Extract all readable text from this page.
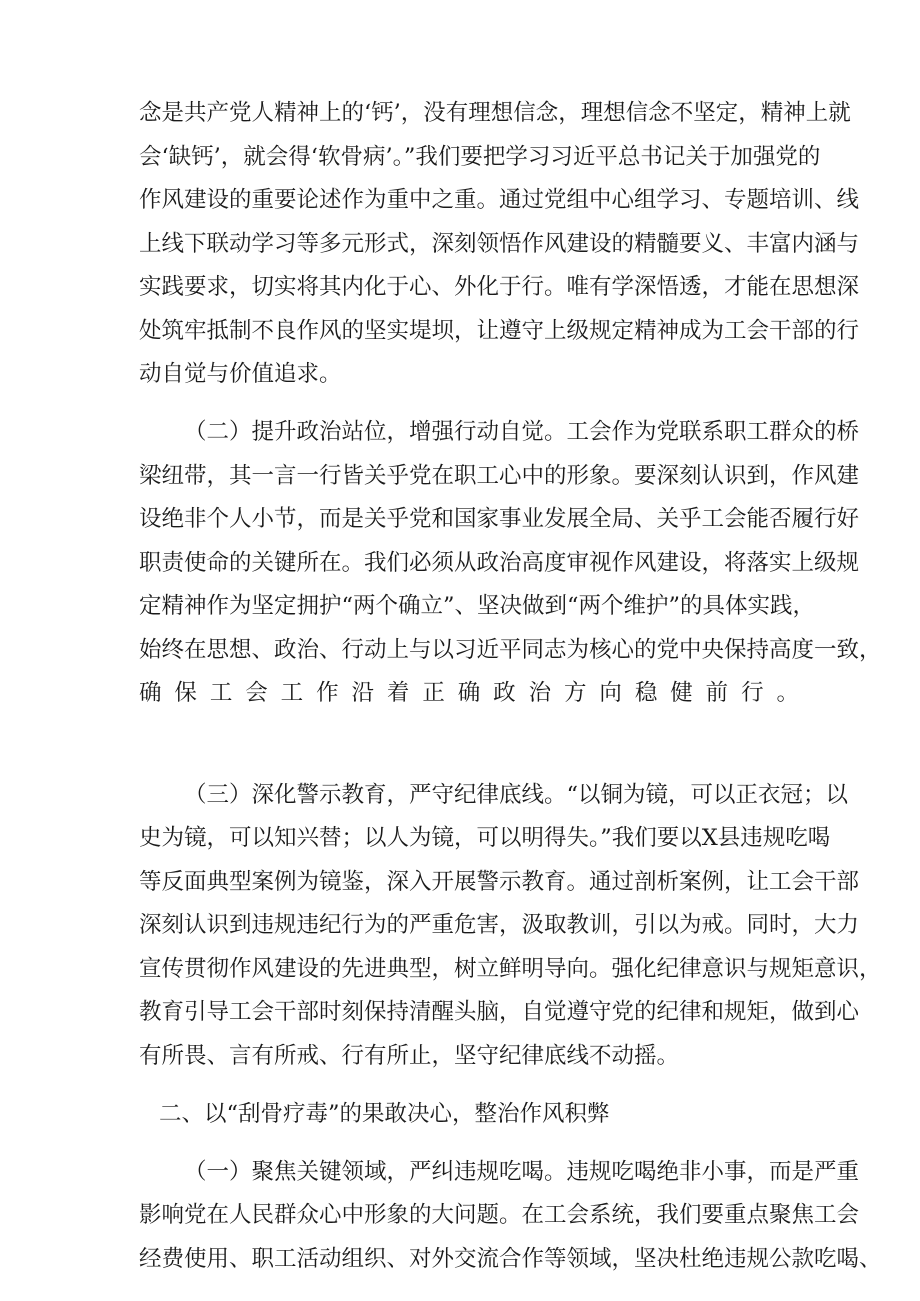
念是共产党人精神上的‘钙’，没有理想信念，理想信念不坚定，精神上就
会‘缺钙’，就会得‘软骨病’。”我们要把学习习近平总书记关于加强党的
作风建设的重要论述作为重中之重。通过党组中心组学习、专题培训、线
上线下联动学习等多元形式，深刻领悟作风建设的精髓要义、丰富内涵与
实践要求，切实将其内化于心、外化于行。唯有学深悟透，才能在思想深
处筑牢抵制不良作风的坚实堤坝，让遵守上级规定精神成为工会干部的行
动自觉与价值追求。
（二）提升政治站位，增强行动自觉。工会作为党联系职工群众的桥
梁纽带，其一言一行皆关乎党在职工心中的形象。要深刻认识到，作风建
设绝非个人小节，而是关乎党和国家事业发展全局、关乎工会能否履行好
职责使命的关键所在。我们必须从政治高度审视作风建设，将落实上级规
定精神作为坚定拥护“两个确立”、坚决做到“两个维护”的具体实践，
始终在思想、政治、行动上与以习近平同志为核心的党中央保持高度一致，
确保工会工作沿着正确政治方向稳健前行。
（三）深化警示教育，严守纪律底线。“以铜为镜，可以正衣冠；以
史为镜，可以知兴替；以人为镜，可以明得失。”我们要以X县违规吃喝
等反面典型案例为镜鉴，深入开展警示教育。通过剖析案例，让工会干部
深刻认识到违规违纪行为的严重危害，汲取教训，引以为戒。同时，大力
宣传贯彻作风建设的先进典型，树立鲜明导向。强化纪律意识与规矩意识，
教育引导工会干部时刻保持清醒头脑，自觉遵守党的纪律和规矩，做到心
有所畏、言有所戒、行有所止，坚守纪律底线不动摇。
二、以“刮骨疗毒”的果敢决心，整治作风积弊
（一）聚焦关键领域，严纠违规吃喝。违规吃喝绝非小事，而是严重
影响党在人民群众心中形象的大问题。在工会系统，我们要重点聚焦工会
经费使用、职工活动组织、对外交流合作等领域，坚决杜绝违规公款吃喝、
